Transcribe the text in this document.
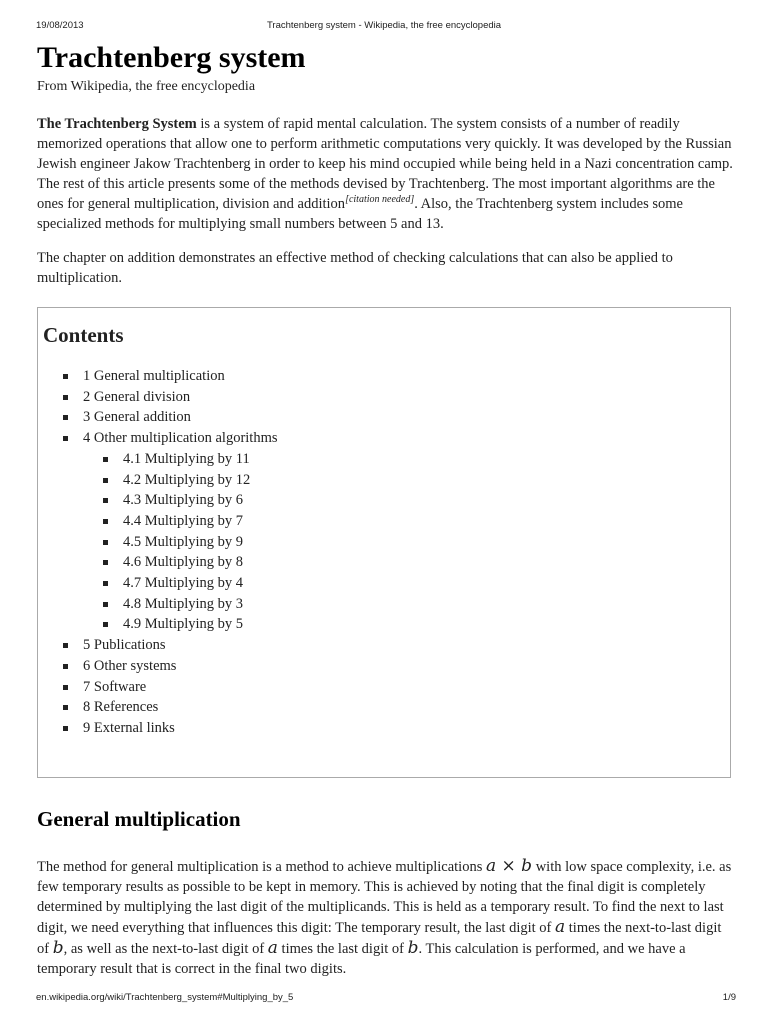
19/08/2013	Trachtenberg system - Wikipedia, the free encyclopedia
Trachtenberg system
From Wikipedia, the free encyclopedia

The Trachtenberg System is a system of rapid mental calculation. The system consists of a number of readily memorized operations that allow one to perform arithmetic computations very quickly. It was developed by the Russian Jewish engineer Jakow Trachtenberg in order to keep his mind occupied while being held in a Nazi concentration camp. The rest of this article presents some of the methods devised by Trachtenberg. The most important algorithms are the ones for general multiplication, division and addition[citation needed]. Also, the Trachtenberg system includes some specialized methods for multiplying small numbers between 5 and 13.

The chapter on addition demonstrates an effective method of checking calculations that can also be applied to multiplication.

Contents
1 General multiplication
2 General division
3 General addition
4 Other multiplication algorithms
4.1 Multiplying by 11
4.2 Multiplying by 12
4.3 Multiplying by 6
4.4 Multiplying by 7
4.5 Multiplying by 9
4.6 Multiplying by 8
4.7 Multiplying by 4
4.8 Multiplying by 3
4.9 Multiplying by 5
5 Publications
6 Other systems
7 Software
8 References
9 External links
General multiplication

The method for general multiplication is a method to achieve multiplications a × b with low space complexity, i.e. as few temporary results as possible to be kept in memory. This is achieved by noting that the final digit is completely determined by multiplying the last digit of the multiplicands. This is held as a temporary result. To find the next to last digit, we need everything that influences this digit: The temporary result, the last digit of a times the next-to-last digit of b, as well as the next-to-last digit of a times the last digit of b. This calculation is performed, and we have a temporary result that is correct in the final two digits.

en.wikipedia.org/wiki/Trachtenberg_system#Multiplying_by_5	1/9
